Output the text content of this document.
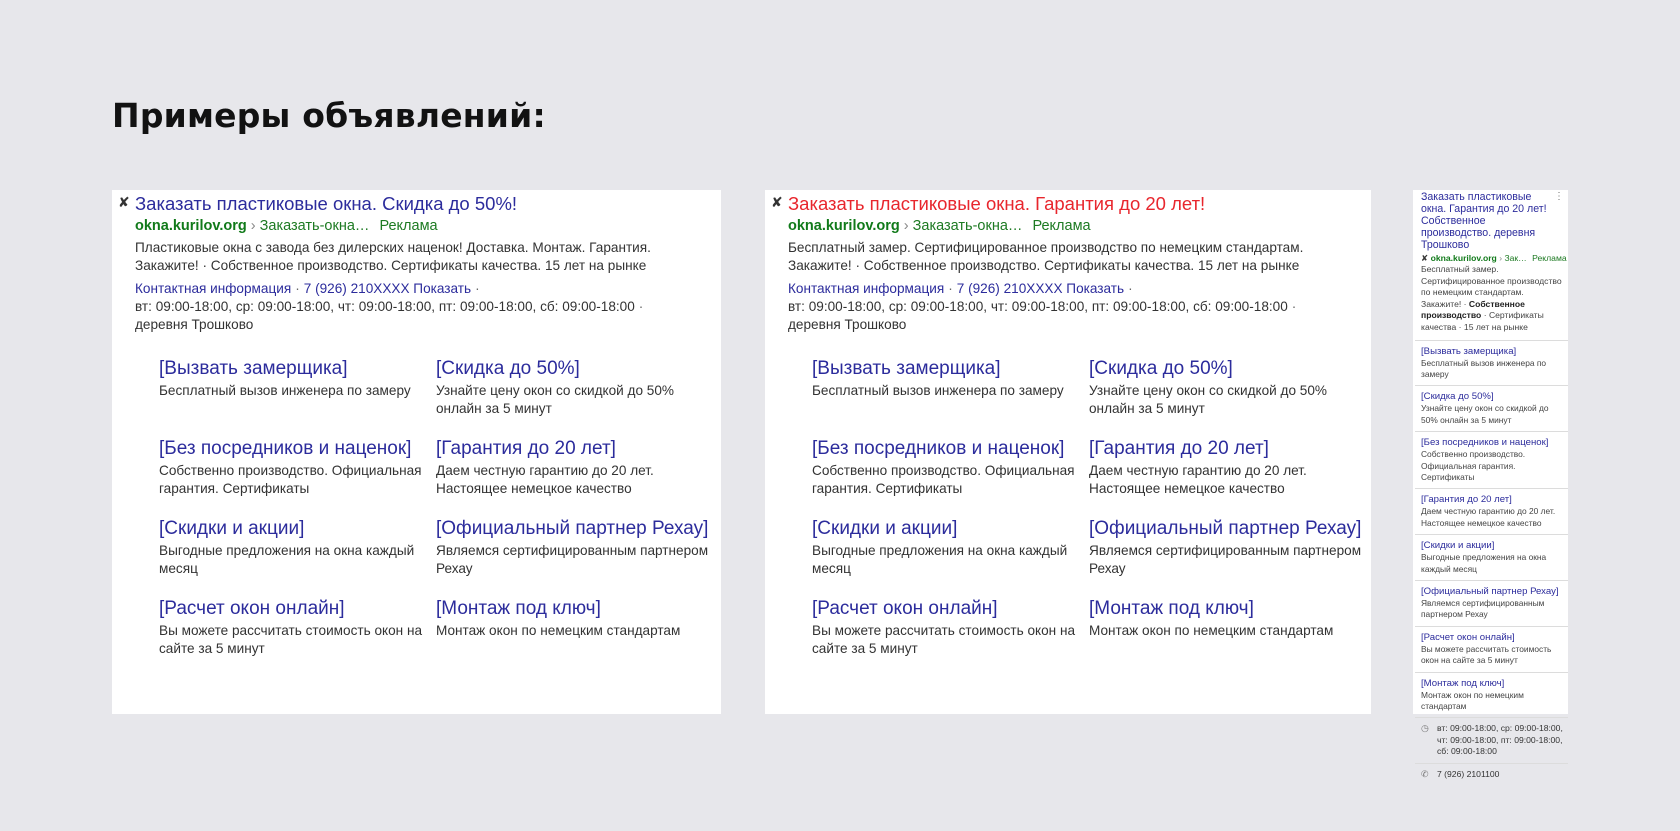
Примеры объявлений:
✘ Заказать пластиковые окна. Скидка до 50%!
okna.kurilov.org › Заказать-окна… Реклама
Пластиковые окна с завода без дилерских наценок! Доставка. Монтаж. Гарантия. Закажите! · Собственное производство. Сертификаты качества. 15 лет на рынке
Контактная информация · 7 (926) 210XXXX Показать ·
вт: 09:00-18:00, ср: 09:00-18:00, чт: 09:00-18:00, пт: 09:00-18:00, сб: 09:00-18:00 ·
деревня Трошково
[Вызвать замерщика]
Бесплатный вызов инженера по замеру
[Скидка до 50%]
Узнайте цену окон со скидкой до 50% онлайн за 5 минут
[Без посредников и наценок]
Собственно производство. Официальная гарантия. Сертификаты
[Гарантия до 20 лет]
Даем честную гарантию до 20 лет. Настоящее немецкое качество
[Скидки и акции]
Выгодные предложения на окна каждый месяц
[Официальный партнер Рехау]
Являемся сертифицированным партнером Рехау
[Расчет окон онлайн]
Вы можете рассчитать стоимость окон на сайте за 5 минут
[Монтаж под ключ]
Монтаж окон по немецким стандартам
✘ Заказать пластиковые окна. Гарантия до 20 лет!
okna.kurilov.org › Заказать-окна… Реклама
Бесплатный замер. Сертифицированное производство по немецким стандартам. Закажите! · Собственное производство. Сертификаты качества. 15 лет на рынке
Контактная информация · 7 (926) 210XXXX Показать ·
вт: 09:00-18:00, ср: 09:00-18:00, чт: 09:00-18:00, пт: 09:00-18:00, сб: 09:00-18:00 ·
деревня Трошково
[Вызвать замерщика]
Бесплатный вызов инженера по замеру
[Скидка до 50%]
Узнайте цену окон со скидкой до 50% онлайн за 5 минут
[Без посредников и наценок]
Собственно производство. Официальная гарантия. Сертификаты
[Гарантия до 20 лет]
Даем честную гарантию до 20 лет. Настоящее немецкое качество
[Скидки и акции]
Выгодные предложения на окна каждый месяц
[Официальный партнер Рехау]
Являемся сертифицированным партнером Рехау
[Расчет окон онлайн]
Вы можете рассчитать стоимость окон на сайте за 5 минут
[Монтаж под ключ]
Монтаж окон по немецким стандартам
⋮
Заказать пластиковые окна. Гарантия до 20 лет! Собственное производство. деревня Трошково
✘ okna.kurilov.org › Зак… Реклама
Бесплатный замер. Сертифицированное производство по немецким стандартам. Закажите! · Собственное производство · Сертификаты качества · 15 лет на рынке
[Вызвать замерщика]
Бесплатный вызов инженера по замеру
[Скидка до 50%]
Узнайте цену окон со скидкой до 50% онлайн за 5 минут
[Без посредников и наценок]
Собственно производство. Официальная гарантия. Сертификаты
[Гарантия до 20 лет]
Даем честную гарантию до 20 лет. Настоящее немецкое качество
[Скидки и акции]
Выгодные предложения на окна каждый месяц
[Официальный партнер Рехау]
Являемся сертифицированным партнером Рехау
[Расчет окон онлайн]
Вы можете рассчитать стоимость окон на сайте за 5 минут
[Монтаж под ключ]
Монтаж окон по немецким стандартам
◷ вт: 09:00-18:00, ср: 09:00-18:00, чт: 09:00-18:00, пт: 09:00-18:00, сб: 09:00-18:00
✆ 7 (926) 2101100
